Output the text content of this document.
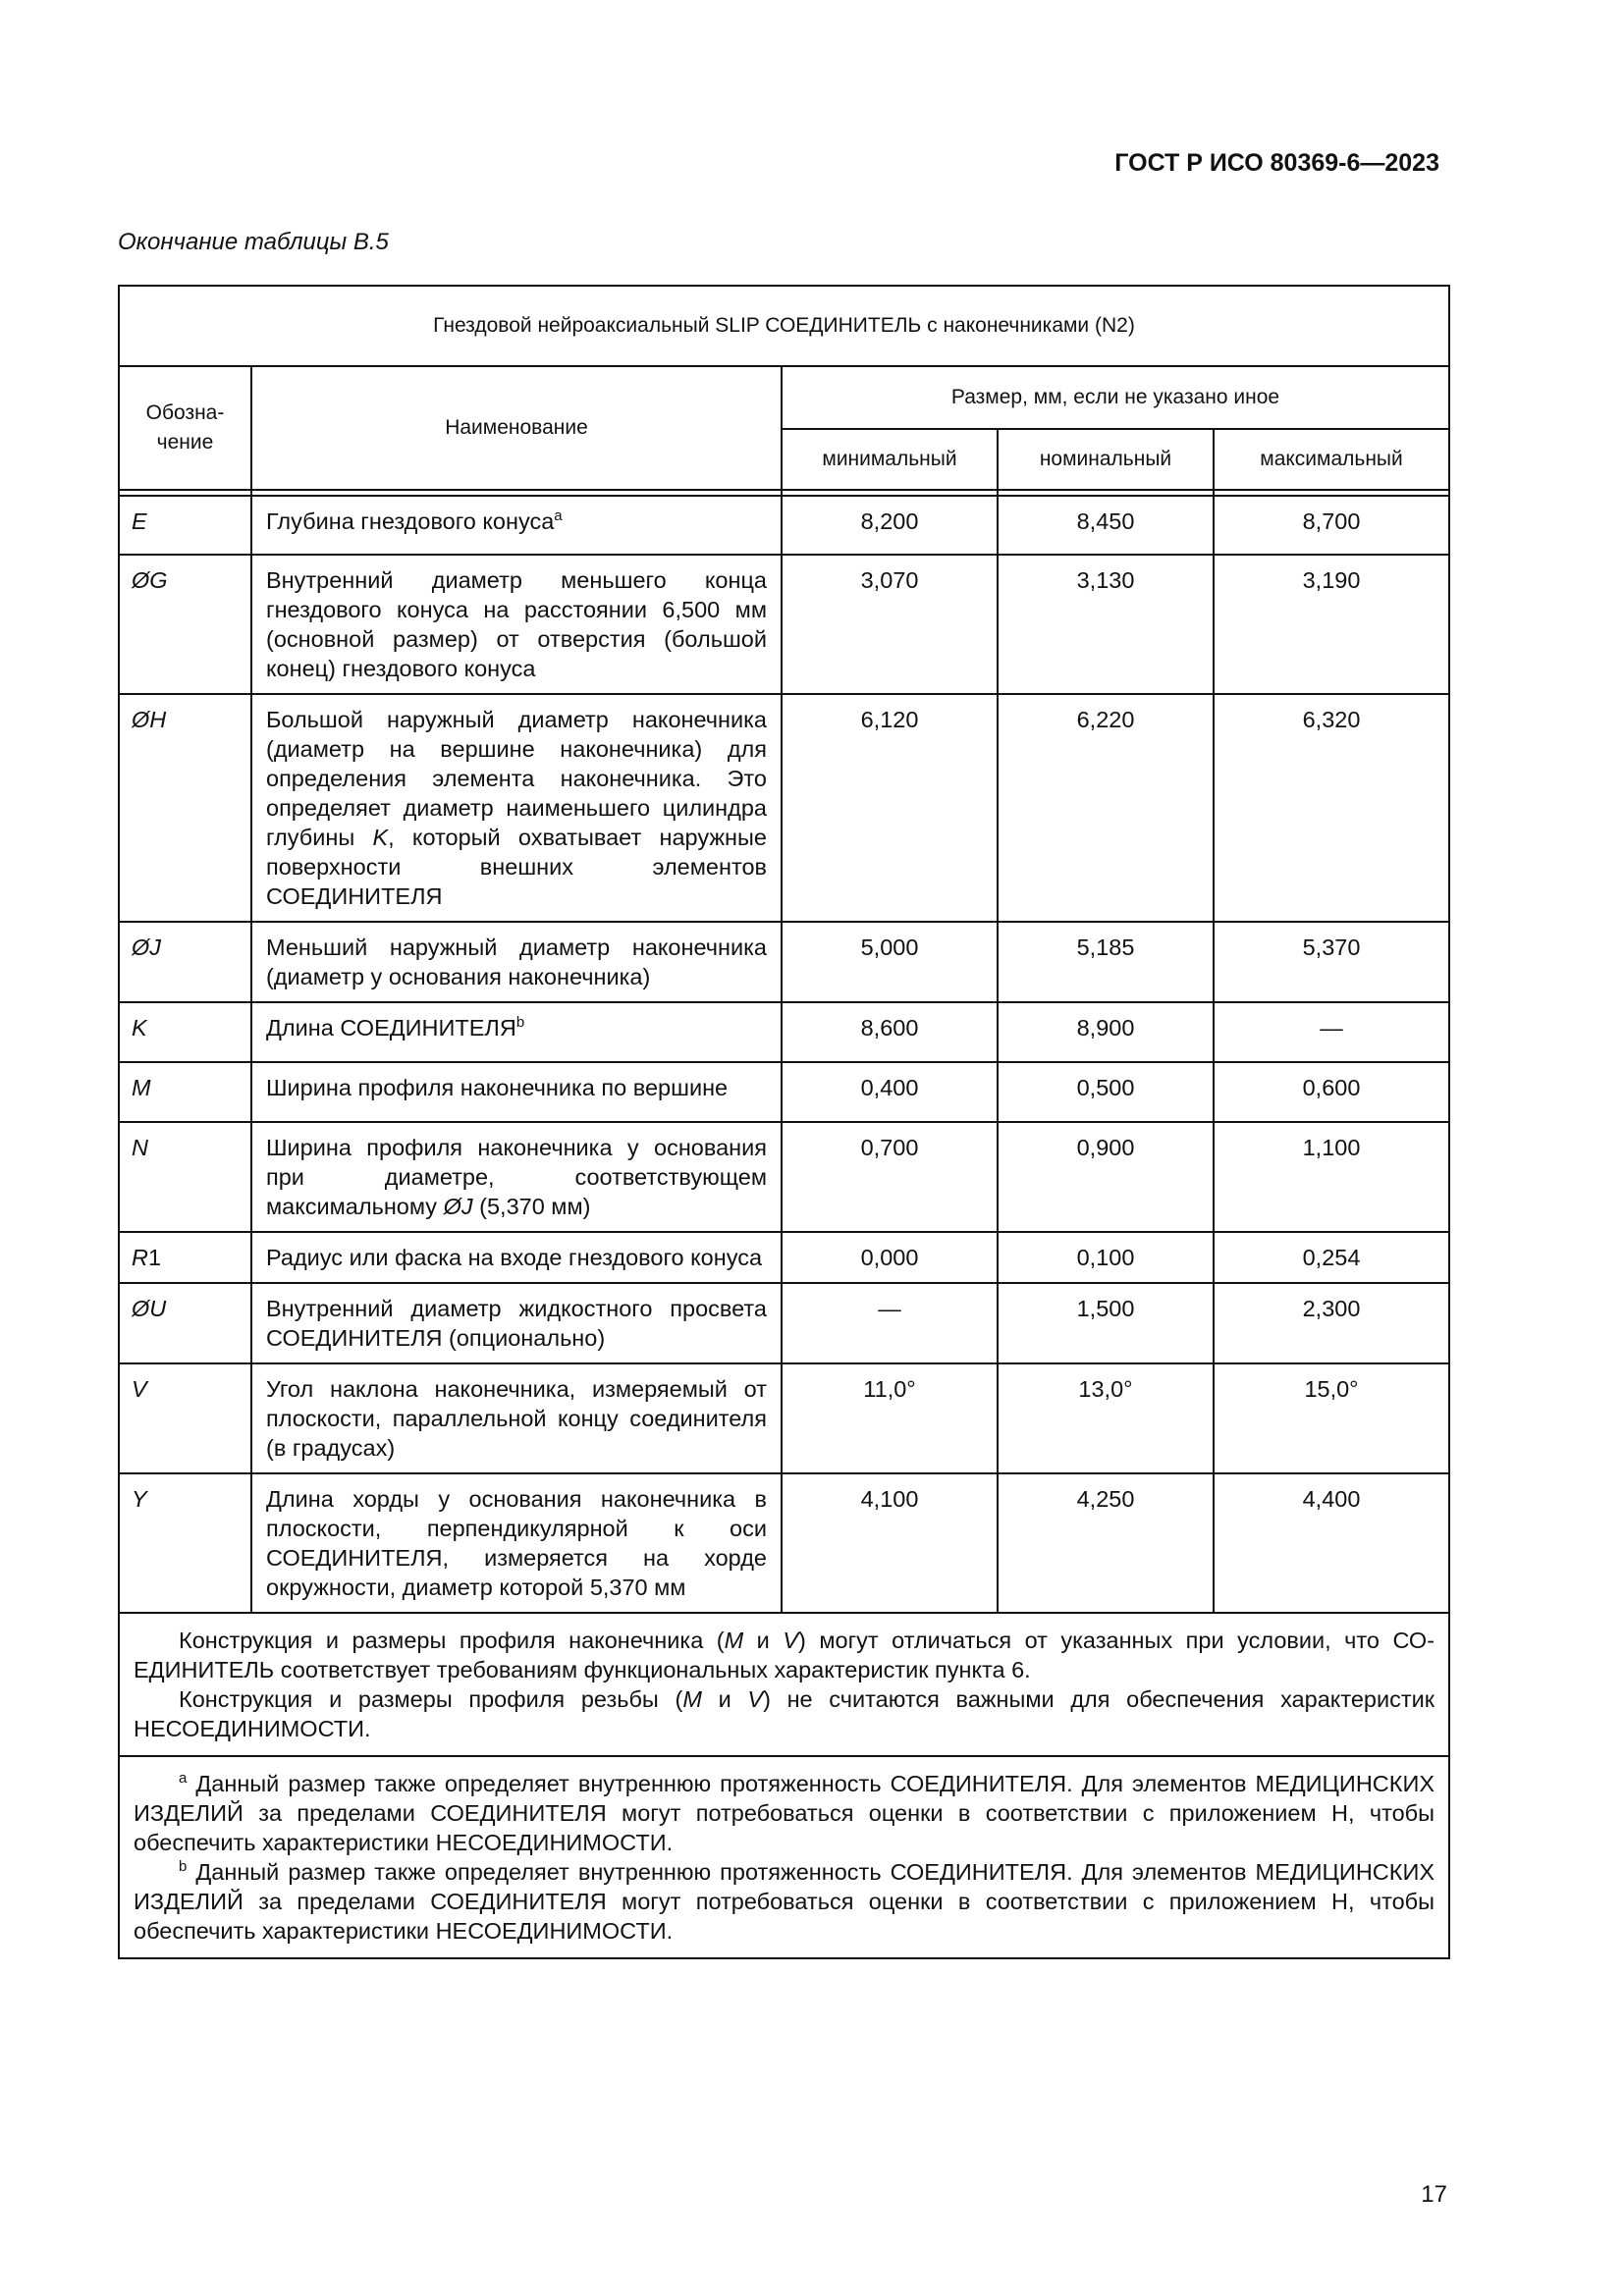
ГОСТ Р ИСО 80369-6—2023
Окончание таблицы В.5
Гнездовой нейроаксиальный SLIP СОЕДИНИТЕЛЬ с наконечниками (N2)				
Обозна-чение	Наименование	Размер, мм, если не указано иное		
		минимальный	номинальный	максимальный

E	Глубина гнездового конуса$^a$	8,200	8,450	8,700
ØG	Внутренний диаметр меньшего конца гнездового конуса на расстоянии 6,500 мм (основной размер) от отверстия (большой конец) гнездового конуса	3,070	3,130	3,190
ØH	Большой наружный диаметр наконечника (диаметр на вершине наконечника) для определения элемента наконечника. Это определяет диаметр наименьшего цилиндра глубины K, который охватывает наружные поверхности внешних элементов СОЕДИНИТЕЛЯ	6,120	6,220	6,320
ØJ	Меньший наружный диаметр наконечника (диаметр у основания наконечника)	5,000	5,185	5,370
K	Длина СОЕДИНИТЕЛЯ$^b$	8,600	8,900	—
M	Ширина профиля наконечника по вершине	0,400	0,500	0,600
N	Ширина профиля наконечника у основания при диаметре, соответствующем максимальному ØJ (5,370 мм)	0,700	0,900	1,100
R1	Радиус или фаска на входе гнездового конуса	0,000	0,100	0,254
ØU	Внутренний диаметр жидкостного просвета СОЕДИНИТЕЛЯ (опционально)	—	1,500	2,300
V	Угол наклона наконечника, измеряемый от плоскости, параллельной концу соединителя (в градусах)	11,0°	13,0°	15,0°
Y	Длина хорды у основания наконечника в плоскости, перпендикулярной к оси СОЕДИНИТЕЛЯ, измеряется на хорде окружности, диаметр которой 5,370 мм	4,100	4,250	4,400

Конструкция и размеры профиля наконечника (M и V) могут отличаться от указанных при условии, что СО-ЕДИНИТЕЛЬ соответствует требованиям функциональных характеристик пункта 6.

Конструкция и размеры профиля резьбы (M и V) не считаются важными для обеспечения характеристик НЕСОЕДИНИМОСТИ.				

$^a$ Данный размер также определяет внутреннюю протяженность СОЕДИНИТЕЛЯ. Для элементов МЕДИЦИНСКИХ ИЗДЕЛИЙ за пределами СОЕДИНИТЕЛЯ могут потребоваться оценки в соответствии с приложением Н, чтобы обеспечить характеристики НЕСОЕДИНИМОСТИ.

$^b$ Данный размер также определяет внутреннюю протяженность СОЕДИНИТЕЛЯ. Для элементов МЕДИЦИНСКИХ ИЗДЕЛИЙ за пределами СОЕДИНИТЕЛЯ могут потребоваться оценки в соответствии с приложением Н, чтобы обеспечить характеристики НЕСОЕДИНИМОСТИ.				

17
